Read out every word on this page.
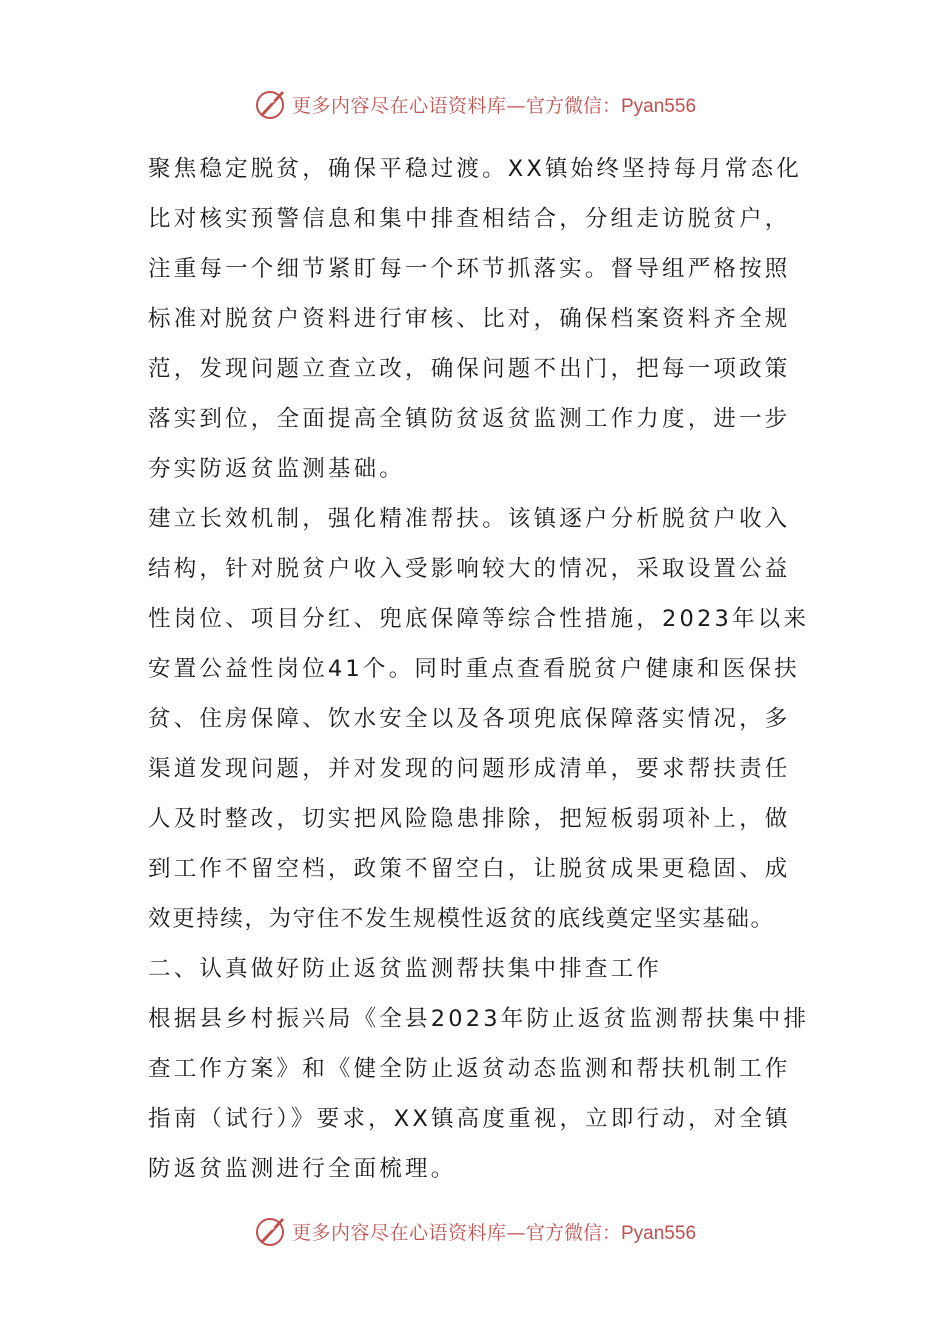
更多内容尽在心语资料库— 官方微信：Pyan556
聚焦稳定脱贫，确保平稳过渡。XX镇始终坚持每月常态化
比对核实预警信息和集中排查相结合，分组走访脱贫户，
注重每一个细节紧盯每一个环节抓落实。督导组严格按照
标准对脱贫户资料进行审核、比对，确保档案资料齐全规
范，发现问题立查立改，确保问题不出门，把每一项政策
落实到位，全面提高全镇防贫返贫监测工作力度，进一步
夯实防返贫监测基础。
建立长效机制，强化精准帮扶。该镇逐户分析脱贫户收入
结构，针对脱贫户收入受影响较大的情况，采取设置公益
性岗位、项目分红、兜底保障等综合性措施，2023年以来
安置公益性岗位41个。同时重点查看脱贫户健康和医保扶
贫、住房保障、饮水安全以及各项兜底保障落实情况，多
渠道发现问题，并对发现的问题形成清单，要求帮扶责任
人及时整改，切实把风险隐患排除，把短板弱项补上，做
到工作不留空档，政策不留空白，让脱贫成果更稳固、成
效更持续，为守住不发生规模性返贫的底线奠定坚实基础。
二、认真做好防止返贫监测帮扶集中排查工作
根据县乡村振兴局《全县2023年防止返贫监测帮扶集中排
查工作方案》和《健全防止返贫动态监测和帮扶机制工作
指南（试行）》要求，XX镇高度重视，立即行动，对全镇
防返贫监测进行全面梳理。
更多内容尽在心语资料库— 官方微信：Pyan556
